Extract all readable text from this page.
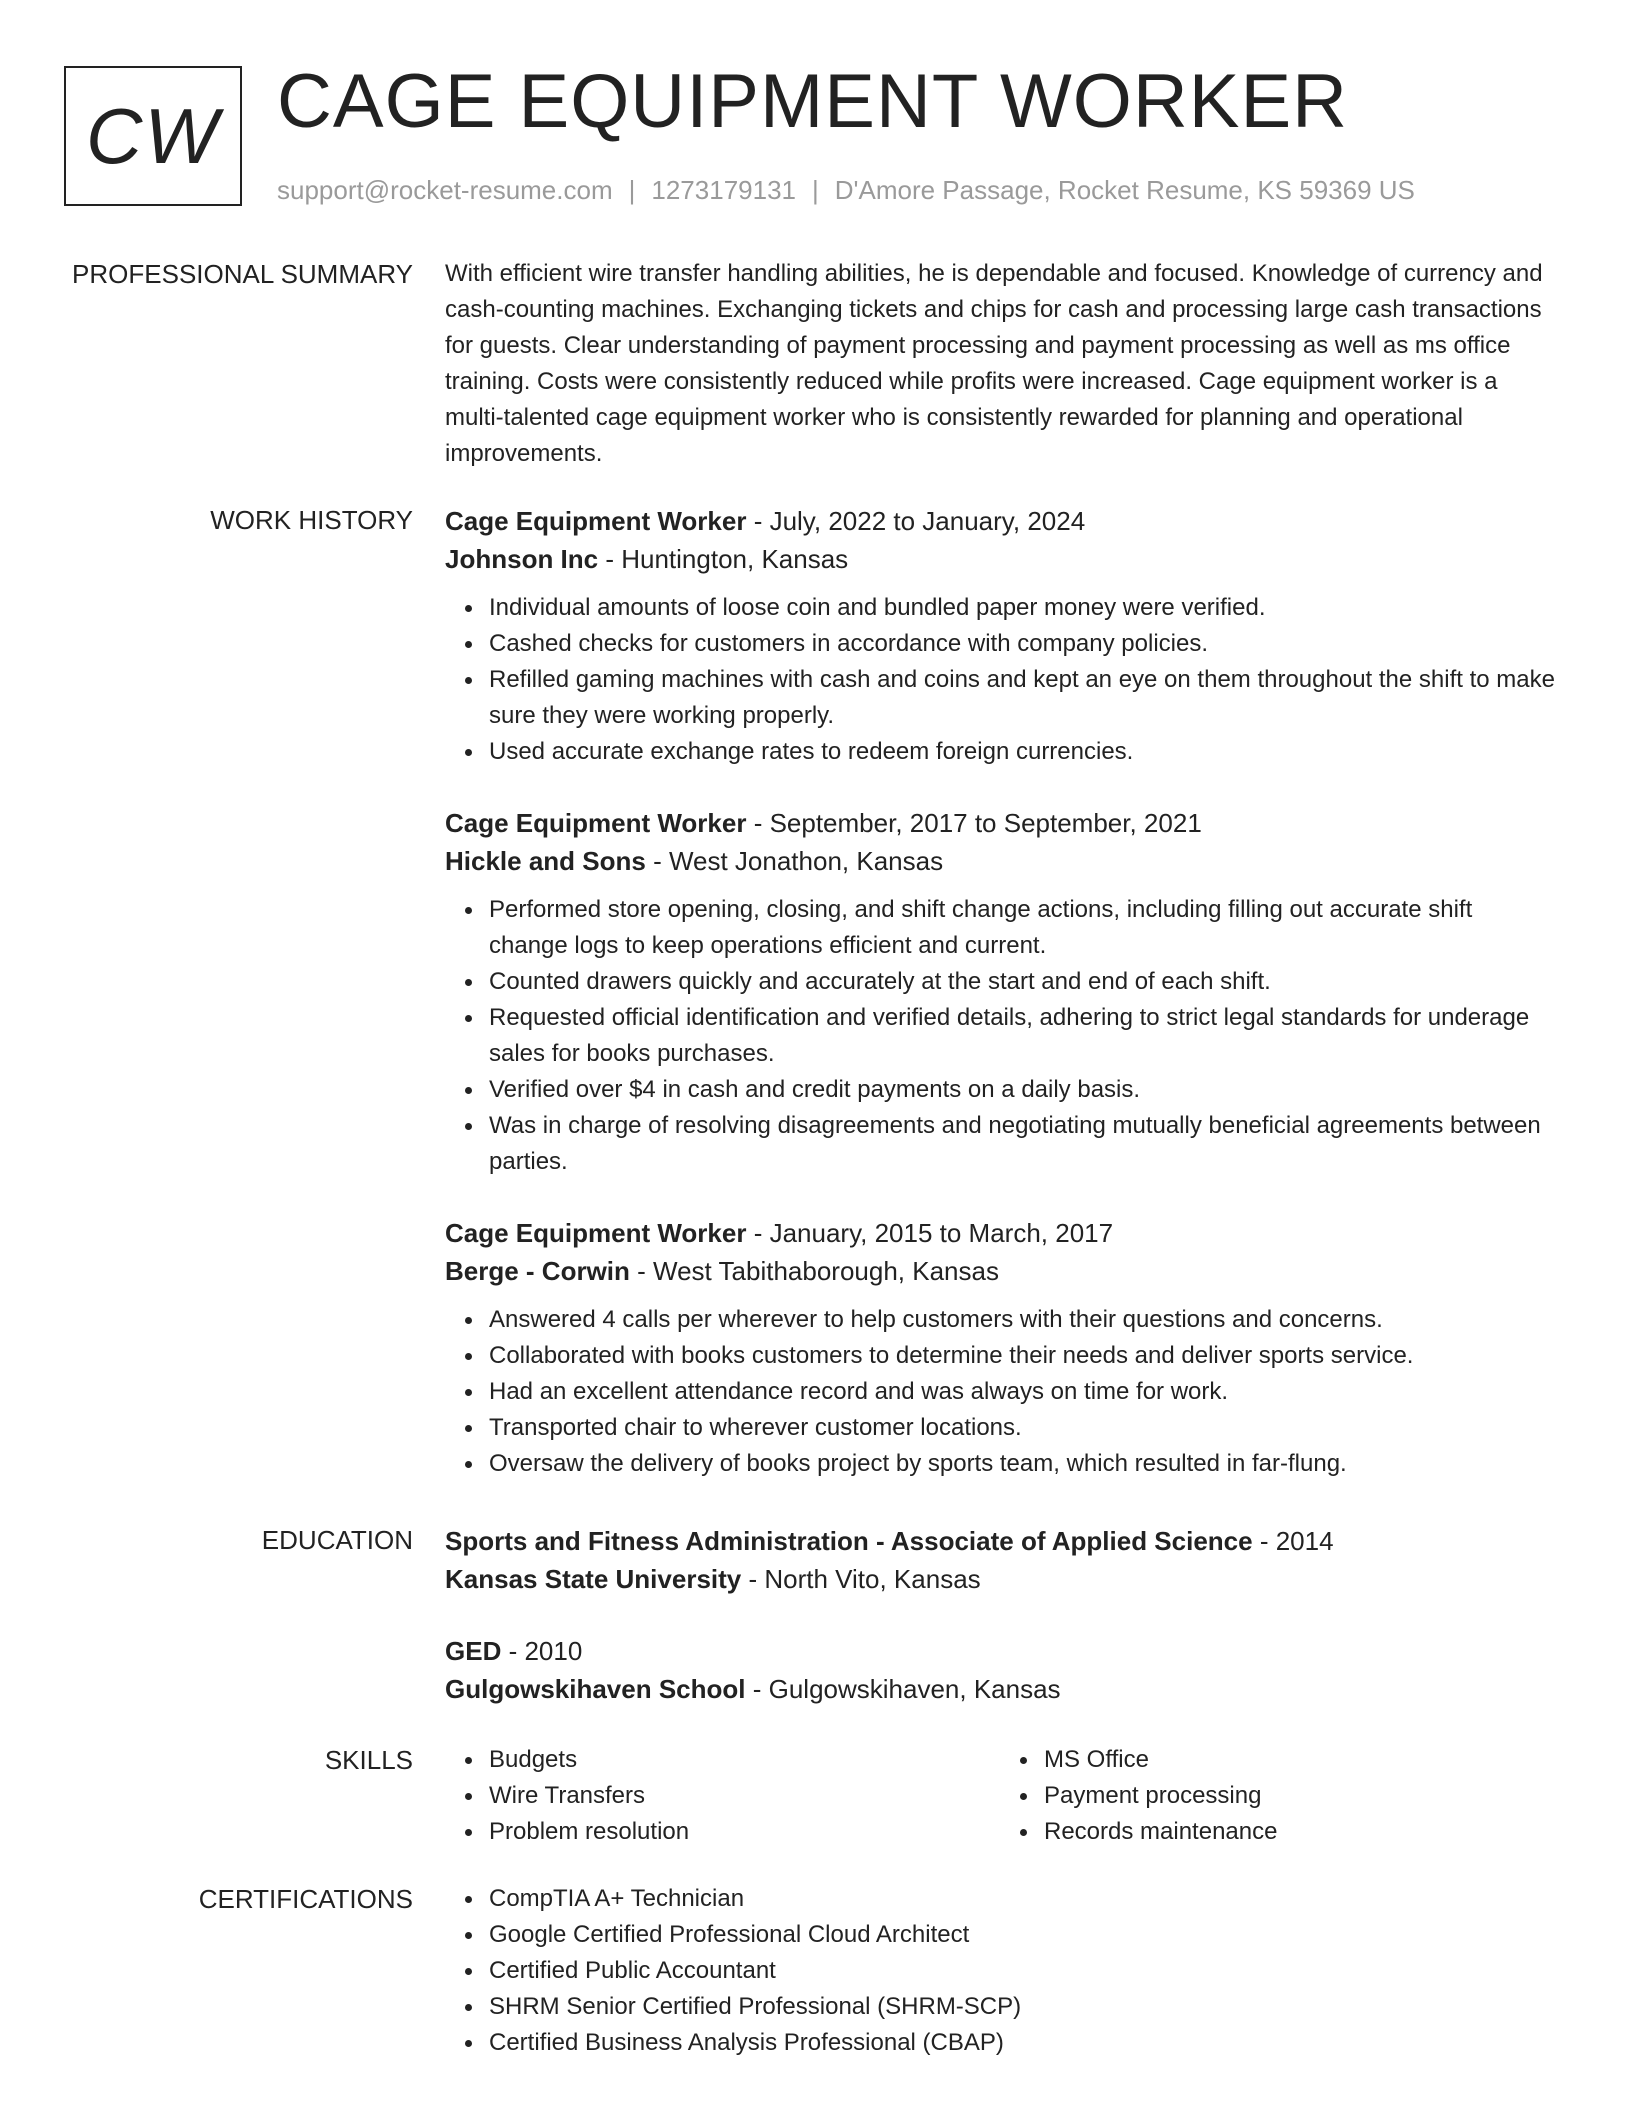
CW CAGE EQUIPMENT WORKER
support@rocket-resume.com | 1273179131 | D'Amore Passage, Rocket Resume, KS 59369 US
PROFESSIONAL SUMMARY With efficient wire transfer handling abilities, he is dependable and focused. Knowledge of currency and cash-counting machines. Exchanging tickets and chips for cash and processing large cash transactions for guests. Clear understanding of payment processing and payment processing as well as ms office training. Costs were consistently reduced while profits were increased. Cage equipment worker is a multi-talented cage equipment worker who is consistently rewarded for planning and operational improvements.

WORK HISTORY Cage Equipment Worker - July, 2022 to January, 2024
Johnson Inc - Huntington, Kansas
Individual amounts of loose coin and bundled paper money were verified.
Cashed checks for customers in accordance with company policies.
Refilled gaming machines with cash and coins and kept an eye on them throughout the shift to make sure they were working properly.
Used accurate exchange rates to redeem foreign currencies.
Cage Equipment Worker - September, 2017 to September, 2021
Hickle and Sons - West Jonathon, Kansas
Performed store opening, closing, and shift change actions, including filling out accurate shift change logs to keep operations efficient and current.
Counted drawers quickly and accurately at the start and end of each shift.
Requested official identification and verified details, adhering to strict legal standards for underage sales for books purchases.
Verified over $4 in cash and credit payments on a daily basis.
Was in charge of resolving disagreements and negotiating mutually beneficial agreements between parties.
Cage Equipment Worker - January, 2015 to March, 2017
Berge - Corwin - West Tabithaborough, Kansas
Answered 4 calls per wherever to help customers with their questions and concerns.
Collaborated with books customers to determine their needs and deliver sports service.
Had an excellent attendance record and was always on time for work.
Transported chair to wherever customer locations.
Oversaw the delivery of books project by sports team, which resulted in far-flung.
EDUCATION Sports and Fitness Administration - Associate of Applied Science - 2014
Kansas State University - North Vito, Kansas
GED - 2010
Gulgowskihaven School - Gulgowskihaven, Kansas
SKILLS	Budgets
Wire Transfers
Problem resolution
MS Office
Payment processing
Records maintenance
CERTIFICATIONS	CompTIA A+ Technician
Google Certified Professional Cloud Architect
Certified Public Accountant
SHRM Senior Certified Professional (SHRM-SCP)
Certified Business Analysis Professional (CBAP)
